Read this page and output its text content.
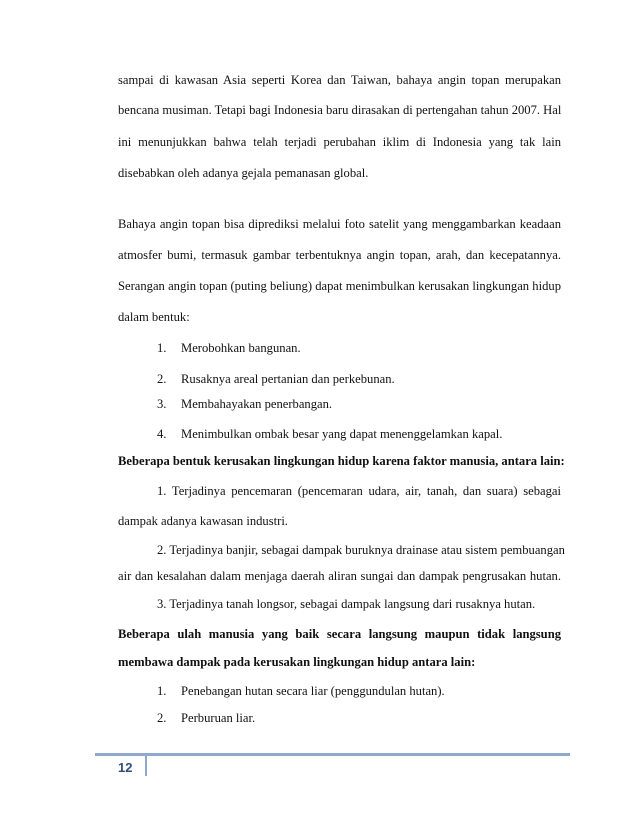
sampai di kawasan Asia seperti Korea dan Taiwan, bahaya angin topan merupakan
bencana musiman. Tetapi bagi Indonesia baru dirasakan di pertengahan tahun 2007. Hal
ini menunjukkan bahwa telah terjadi perubahan iklim di Indonesia yang tak lain
disebabkan oleh adanya gejala pemanasan global.
Bahaya angin topan bisa diprediksi melalui foto satelit yang menggambarkan keadaan
atmosfer bumi, termasuk gambar terbentuknya angin topan, arah, dan kecepatannya.
Serangan angin topan (puting beliung) dapat menimbulkan kerusakan lingkungan hidup
dalam bentuk:
1. Merobohkan bangunan.
2. Rusaknya areal pertanian dan perkebunan.
3. Membahayakan penerbangan.
4. Menimbulkan ombak besar yang dapat menenggelamkan kapal.
Beberapa bentuk kerusakan lingkungan hidup karena faktor manusia, antara lain:
1. Terjadinya pencemaran (pencemaran udara, air, tanah, dan suara) sebagai
dampak adanya kawasan industri.
2. Terjadinya banjir, sebagai dampak buruknya drainase atau sistem pembuangan
air dan kesalahan dalam menjaga daerah aliran sungai dan dampak pengrusakan hutan.
3. Terjadinya tanah longsor, sebagai dampak langsung dari rusaknya hutan.
Beberapa ulah manusia yang baik secara langsung maupun tidak langsung
membawa dampak pada kerusakan lingkungan hidup antara lain:
1. Penebangan hutan secara liar (penggundulan hutan).
2. Perburuan liar.
12
